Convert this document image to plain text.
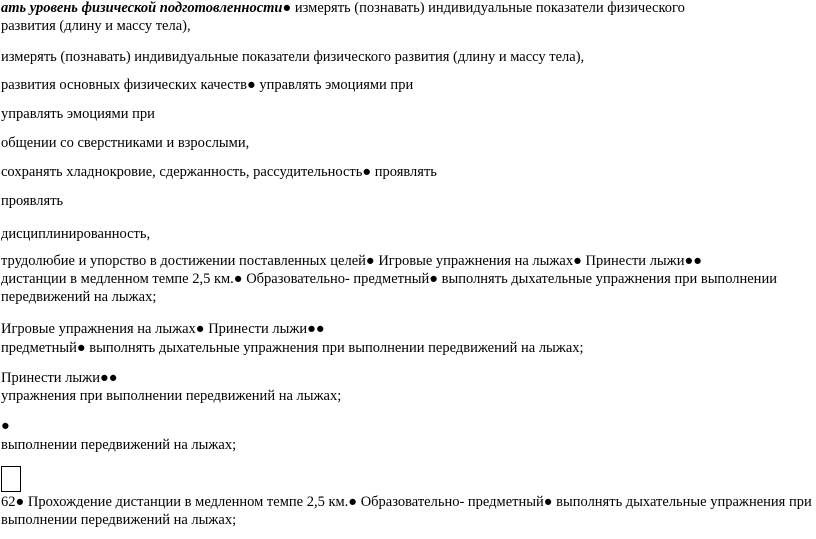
ать уровень физической подготовленности● измерять (познавать) индивидуальные показатели физического
развития (длину и массу тела),
измерять (познавать) индивидуальные показатели физического развития (длину и массу тела),
развития основных физических качеств● управлять эмоциями при
управлять эмоциями при
общении со сверстниками и взрослыми,
сохранять хладнокровие, сдержанность, рассудительность● проявлять
проявлять
дисциплинированность,
трудолюбие и упорство в достижении поставленных целей● Игровые упражнения на лыжах● Принести лыжи●●
дистанции в медленном темпе 2,5 км.● Образовательно- предметный● выполнять дыхательные упражнения при выполнении
передвижений на лыжах;
Игровые упражнения на лыжах● Принести лыжи●●
предметный● выполнять дыхательные упражнения при выполнении передвижений на лыжах;
Принести лыжи●●
упражнения при выполнении передвижений на лыжах;
●
выполнении передвижений на лыжах;
62● Прохождение дистанции в медленном темпе 2,5 км.● Образовательно- предметный● выполнять дыхательные упражнения при
выполнении передвижений на лыжах;
